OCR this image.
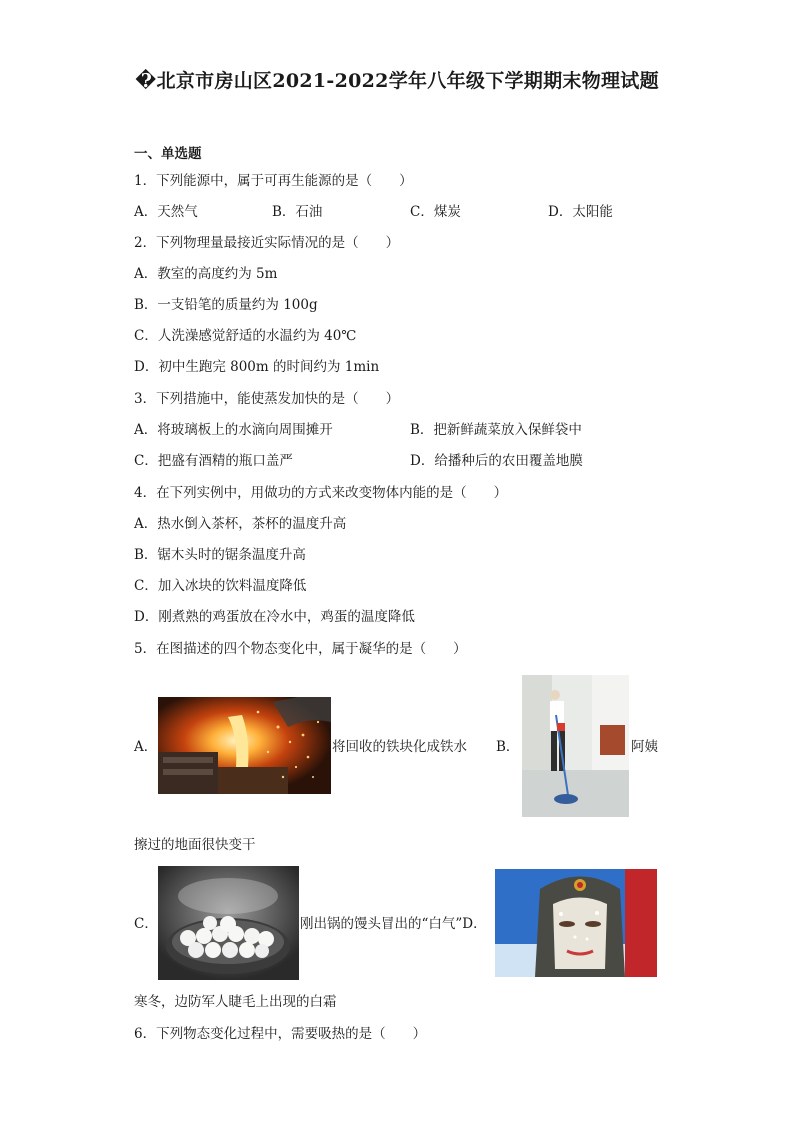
�北京市房山区2021-2022学年八年级下学期期末物理试题
一、单选题
1．下列能源中，属于可再生能源的是（　　）
A．天然气	B．石油	C．煤炭	D．太阳能
2．下列物理量最接近实际情况的是（　　）
A．教室的高度约为 5m
B．一支铅笔的质量约为 100g
C．人洗澡感觉舒适的水温约为 40℃
D．初中生跑完 800m 的时间约为 1min
3．下列措施中，能使蒸发加快的是（　　）
A．将玻璃板上的水滴向周围摊开	B．把新鲜蔬菜放入保鲜袋中
C．把盛有酒精的瓶口盖严	D．给播种后的农田覆盖地膜
4．在下列实例中，用做功的方式来改变物体内能的是（　　）
A．热水倒入茶杯，茶杯的温度升高
B．锯木头时的锯条温度升高
C．加入冰块的饮料温度降低
D．刚煮熟的鸡蛋放在冷水中，鸡蛋的温度降低
5．在图描述的四个物态变化中，属于凝华的是（　　）
A．	将回收的铁块化成铁水 B．	阿姨
擦过的地面很快变干
C．	刚出锅的馒头冒出的“白气”D．
寒冬，边防军人睫毛上出现的白霜
6．下列物态变化过程中，需要吸热的是（　　）
